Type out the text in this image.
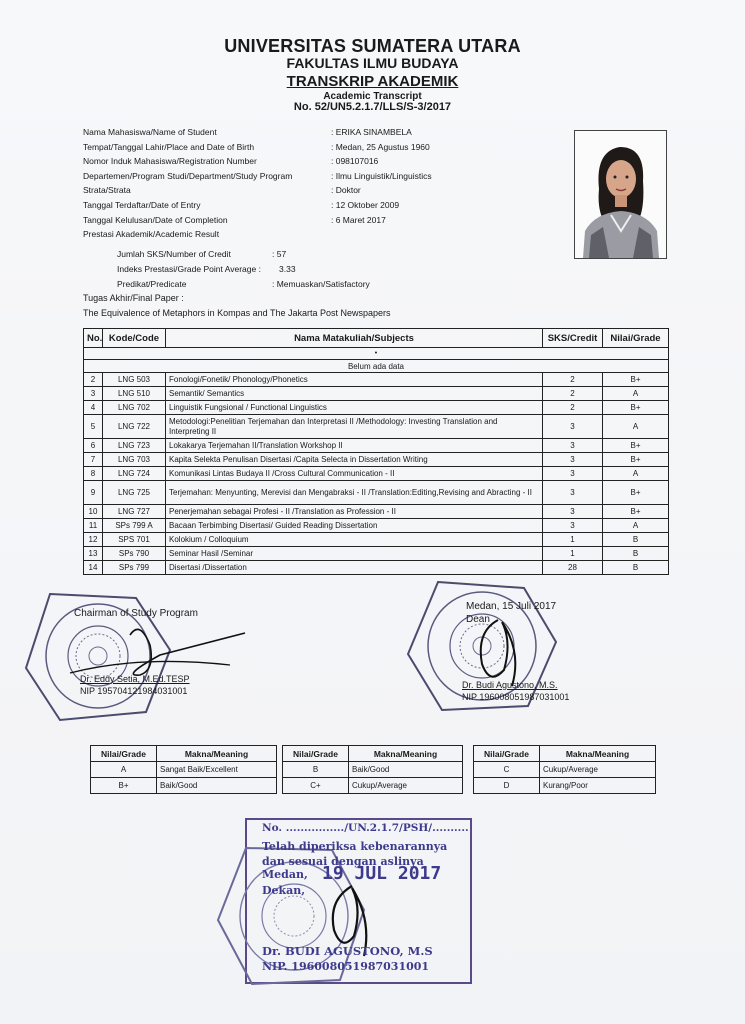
UNIVERSITAS SUMATERA UTARA
FAKULTAS ILMU BUDAYA
TRANSKRIP AKADEMIK
Academic Transcript
No. 52/UN5.2.1.7/LLS/S-3/2017
Nama Mahasiswa/Name of Student	: ERIKA SINAMBELA
Tempat/Tanggal Lahir/Place and Date of Birth	: Medan, 25 Agustus 1960
Nomor Induk Mahasiswa/Registration Number	: 098107016
Departemen/Program Studi/Department/Study Program	: Ilmu Linguistik/Linguistics
Strata/Strata	: Doktor
Tanggal Terdaftar/Date of Entry	: 12 Oktober 2009
Tanggal Kelulusan/Date of Completion	: 6 Maret 2017
Prestasi Akademik/Academic Result
Jumlah SKS/Number of Credit	: 57
Indeks Prestasi/Grade Point Average : 3.33
Predikat/Predicate	: Memuaskan/Satisfactory
Tugas Akhir/Final Paper :
The Equivalence of Metaphors in Kompas and The Jakarta Post Newspapers
No.	Kode/Code	Nama Matakuliah/Subjects	SKS/Credit	Nilai/Grade
•				
Belum ada data				
2	LNG 503	Fonologi/Fonetik/ Phonology/Phonetics	2	B+
3	LNG 510	Semantik/ Semantics	2	A
4	LNG 702	Linguistik Fungsional / Functional Linguistics	2	B+
5	LNG 722	Metodologi:Penelitian Terjemahan dan Interpretasi II /Methodology: Investing Translation and Interpreting II	3	A
6	LNG 723	Lokakarya Terjemahan II/Translation Workshop II	3	B+
7	LNG 703	Kapita Selekta Penulisan Disertasi /Capita Selecta in Dissertation Writing	3	B+
8	LNG 724	Komunikasi Lintas Budaya II /Cross Cultural Communication - II	3	A
9	LNG 725	Terjemahan: Menyunting, Merevisi dan Mengabraksi - II /Translation:Editing,Revising and Abracting - II	3	B+
10	LNG 727	Penerjemahan sebagai Profesi - II /Translation as Profession - II	3	B+
11	SPs 799 A	Bacaan Terbimbing Disertasi/ Guided Reading Dissertation	3	A
12	SPS 701	Kolokium / Colloquium	1	B
13	SPs 790	Seminar Hasil /Seminar	1	B
14	SPs 799	Disertasi /Dissertation	28	B
Chairman of Study Program
Dr. Eddy Setia, M.Ed.TESP
NIP 195704121984031001
Medan, 15 Juli 2017
Dean
Dr. Budi Agustono, M.S.
NIP 196008051987031001
Nilai/Grade	Makna/Meaning
A	Sangat Baik/Excellent
B+	Baik/Good
Nilai/Grade	Makna/Meaning
B	Baik/Good
C+	Cukup/Average
Nilai/Grade	Makna/Meaning
C	Cukup/Average
D	Kurang/Poor
No. ................/UN.2.1.7/PSH/..........
Telah diperiksa kebenarannya
dan sesuai dengan aslinya
Medan, 19 JUL 2017
Dekan,
Dr. BUDI AGUSTONO, M.S
NIP. 196008051987031001
